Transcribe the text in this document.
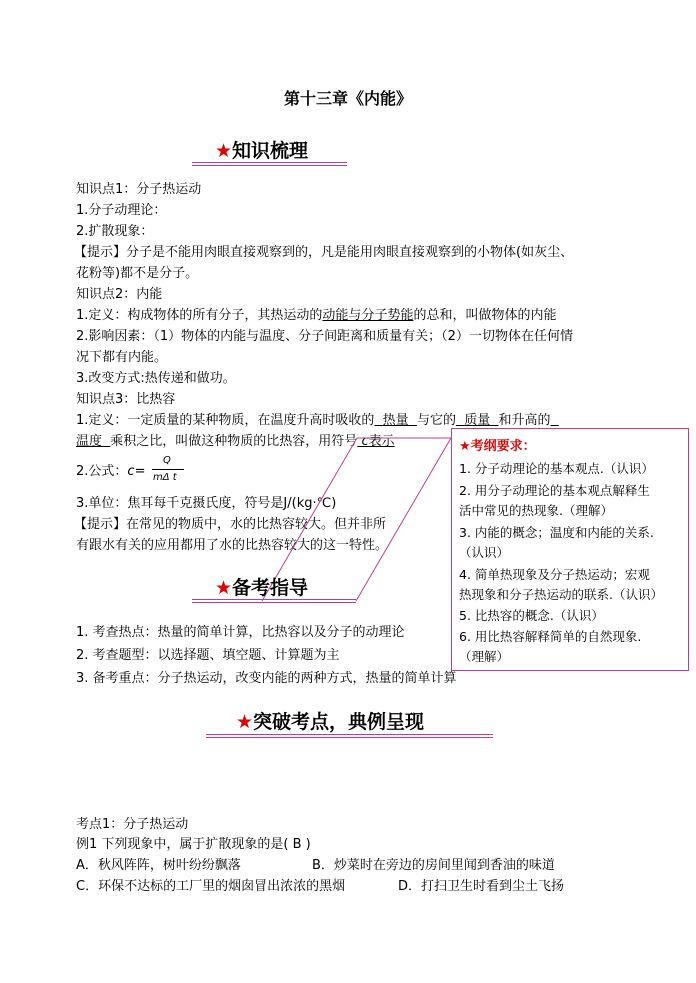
第十三章《内能》
★知识梳理
知识点1：分子热运动
1.分子动理论：
2.扩散现象：
【提示】分子是不能用肉眼直接观察到的，凡是能用肉眼直接观察到的小物体(如灰尘、
花粉等)都不是分子。
知识点2：内能
1.定义：构成物体的所有分子，其热运动的动能与分子势能的总和，叫做物体的内能
2.影响因素：（1）物体的内能与温度、分子间距离和质量有关；（2）一切物体在任何情
况下都有内能。
3.改变方式:热传递和做功。
知识点3：比热容
1.定义：一定质量的某种物质，在温度升高时吸收的 热量 与它的 质量 和升高的
温度 乘积之比，叫做这种物质的比热容，用符号 c表示
2.公式：c=
Q
mΔ t
3.单位：焦耳每千克摄氏度，符号是J/(kg·℃)
【提示】在常见的物质中，水的比热容较大。但并非所
有跟水有关的应用都用了水的比热容较大的这一特性。
★备考指导
1. 考查热点：热量的简单计算，比热容以及分子的动理论
2. 考查题型：以选择题、填空题、计算题为主
3. 备考重点：分子热运动，改变内能的两种方式，热量的简单计算
★考纲要求：
1. 分子动理论的基本观点.（认识）
2. 用分子动理论的基本观点解释生
活中常见的热现象.（理解）
3. 内能的概念；温度和内能的关系.
（认识）
4. 简单热现象及分子热运动；宏观
热现象和分子热运动的联系.（认识）
5. 比热容的概念.（认识）
6. 用比热容解释简单的自然现象.
（理解）
★突破考点，典例呈现
考点1：分子热运动
例1 下列现象中，属于扩散现象的是( B )
A．秋风阵阵，树叶纷纷飘落	B．炒菜时在旁边的房间里闻到香油的味道
C．环保不达标的工厂里的烟囱冒出浓浓的黑烟	D．打扫卫生时看到尘土飞扬
